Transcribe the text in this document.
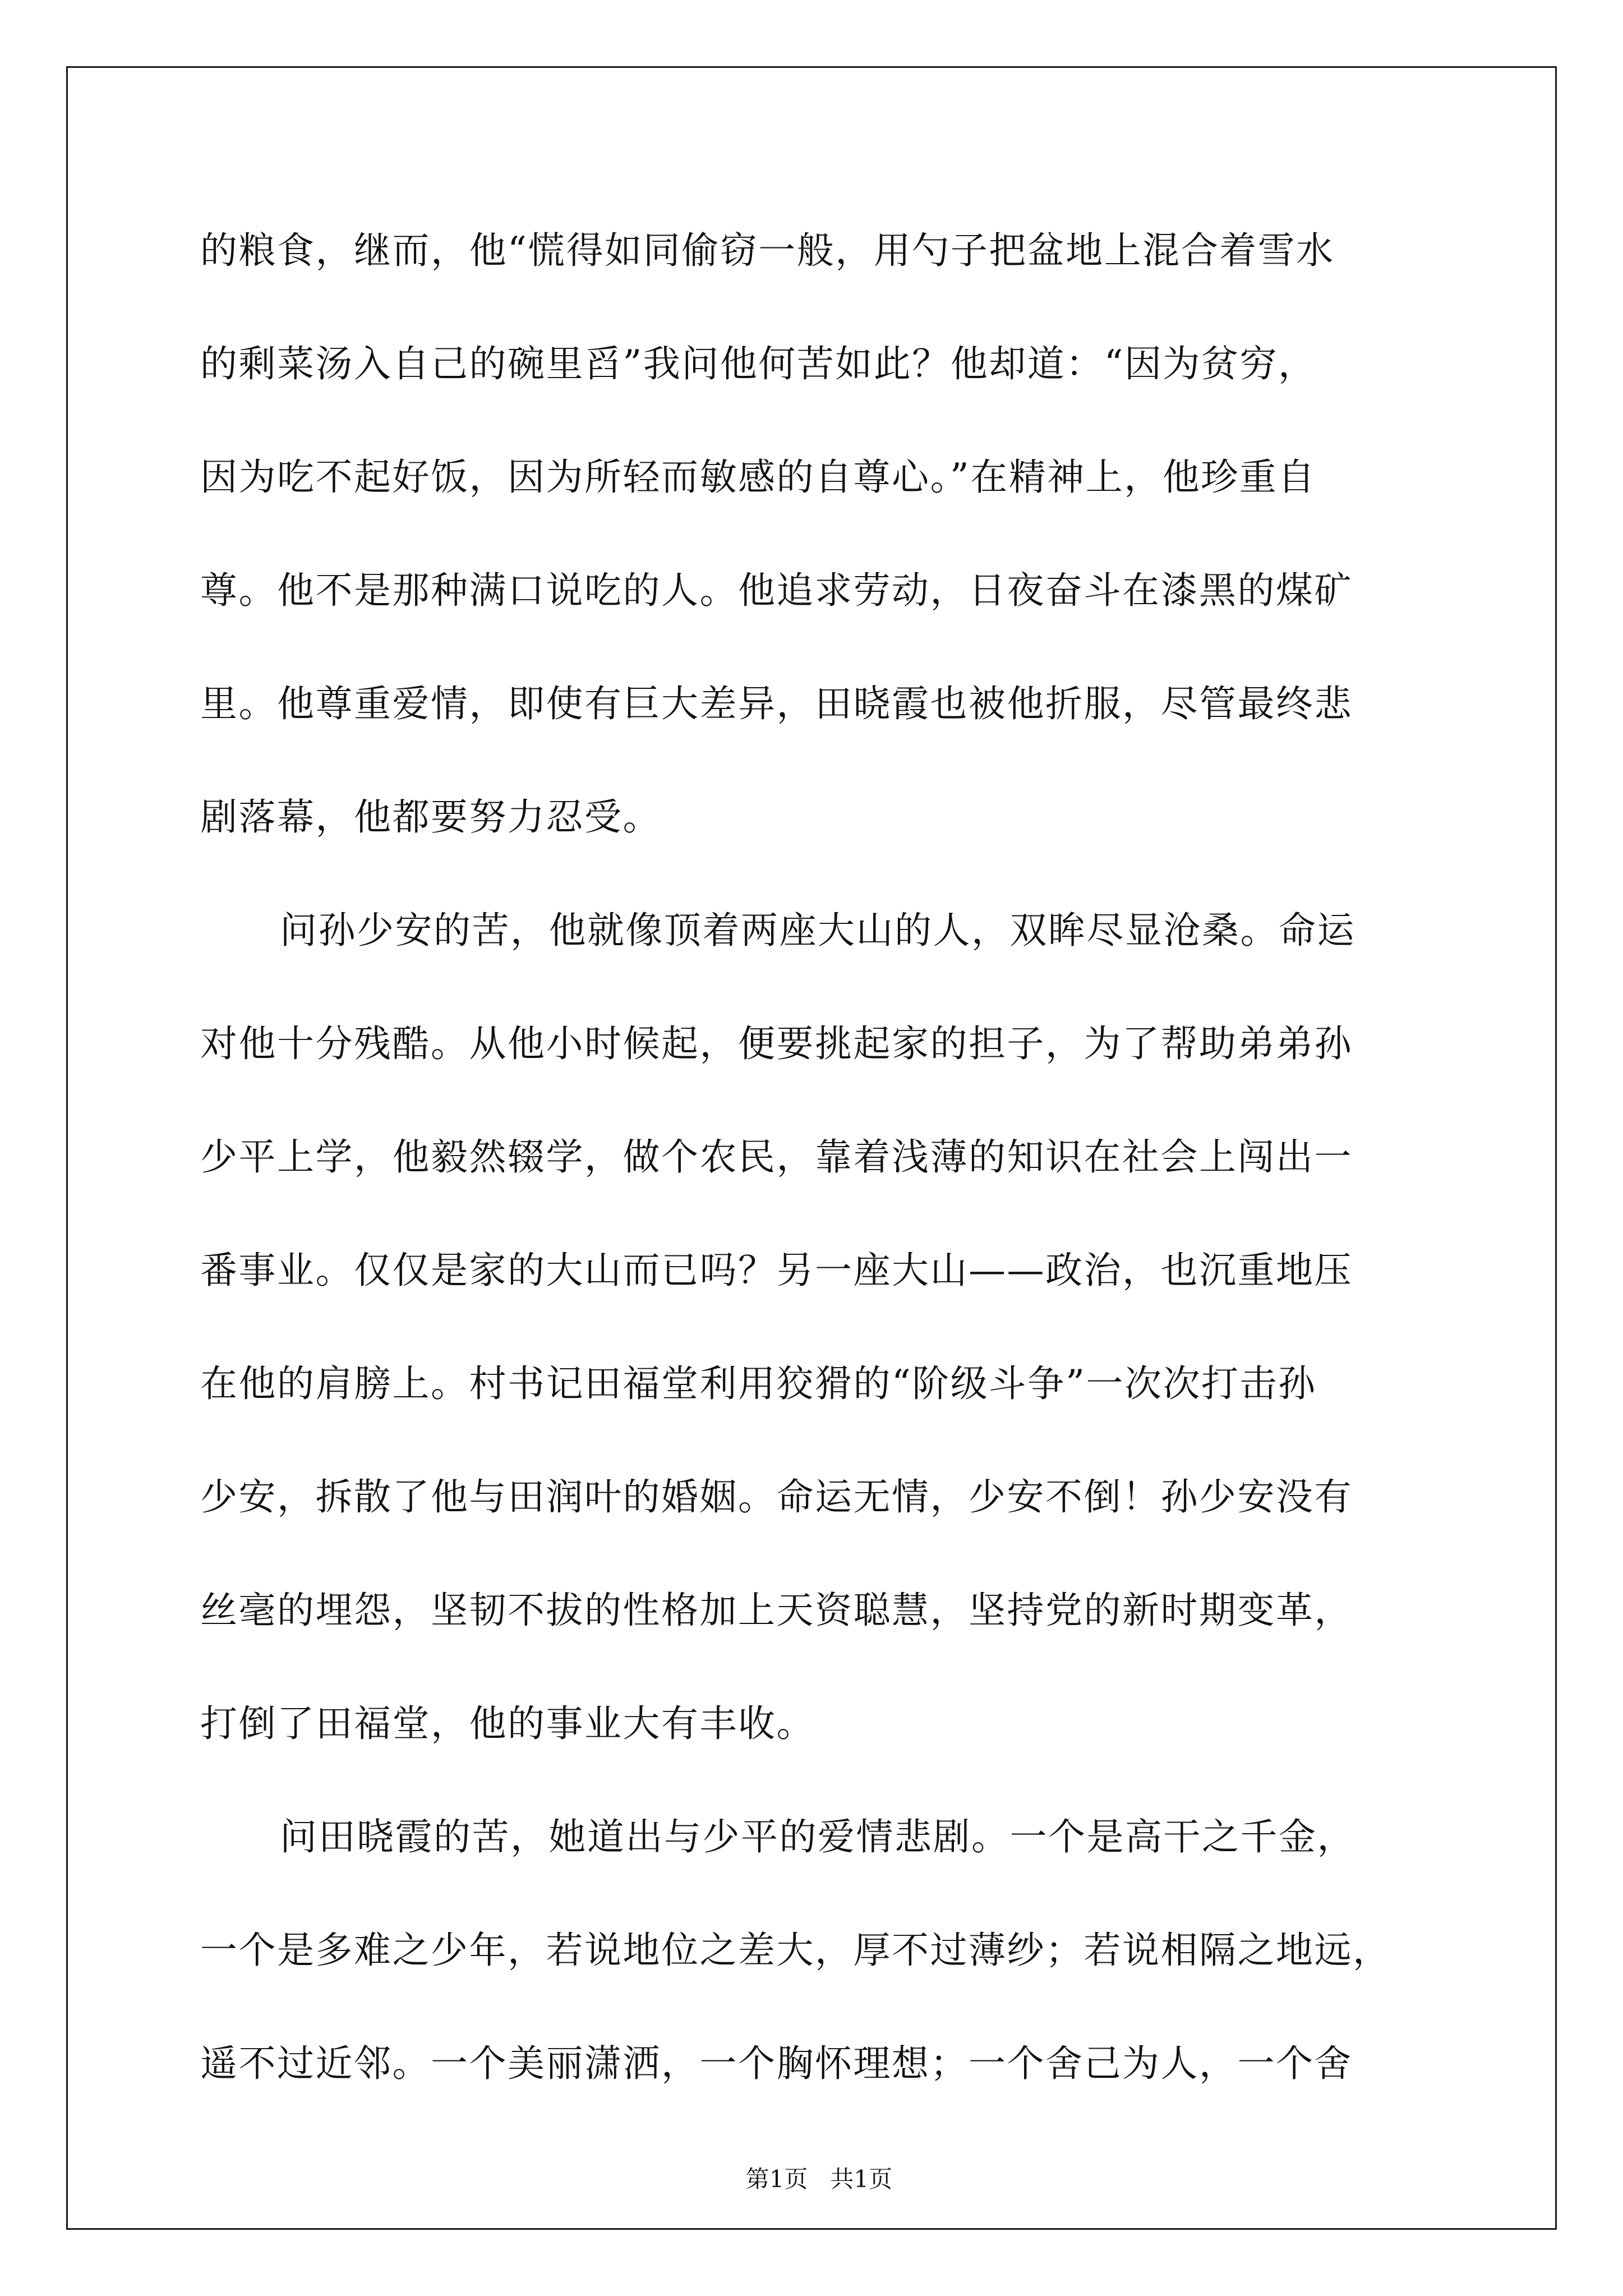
的粮食，继而，他“慌得如同偷窃一般，用勺子把盆地上混合着雪水
的剩菜汤入自己的碗里舀”我问他何苦如此？他却道：“因为贫穷，
因为吃不起好饭，因为所轻而敏感的自尊心。”在精神上，他珍重自
尊。他不是那种满口说吃的人。他追求劳动，日夜奋斗在漆黑的煤矿
里。他尊重爱情，即使有巨大差异，田晓霞也被他折服，尽管最终悲
剧落幕，他都要努力忍受。
问孙少安的苦，他就像顶着两座大山的人，双眸尽显沧桑。命运
对他十分残酷。从他小时候起，便要挑起家的担子，为了帮助弟弟孙
少平上学，他毅然辍学，做个农民，靠着浅薄的知识在社会上闯出一
番事业。仅仅是家的大山而已吗？另一座大山——政治，也沉重地压
在他的肩膀上。村书记田福堂利用狡猾的“阶级斗争”一次次打击孙
少安，拆散了他与田润叶的婚姻。命运无情，少安不倒！孙少安没有
丝毫的埋怨，坚韧不拔的性格加上天资聪慧，坚持党的新时期变革，
打倒了田福堂，他的事业大有丰收。
问田晓霞的苦，她道出与少平的爱情悲剧。一个是高干之千金，
一个是多难之少年，若说地位之差大，厚不过薄纱；若说相隔之地远，
遥不过近邻。一个美丽潇洒，一个胸怀理想；一个舍己为人，一个舍

第1页   共1页
